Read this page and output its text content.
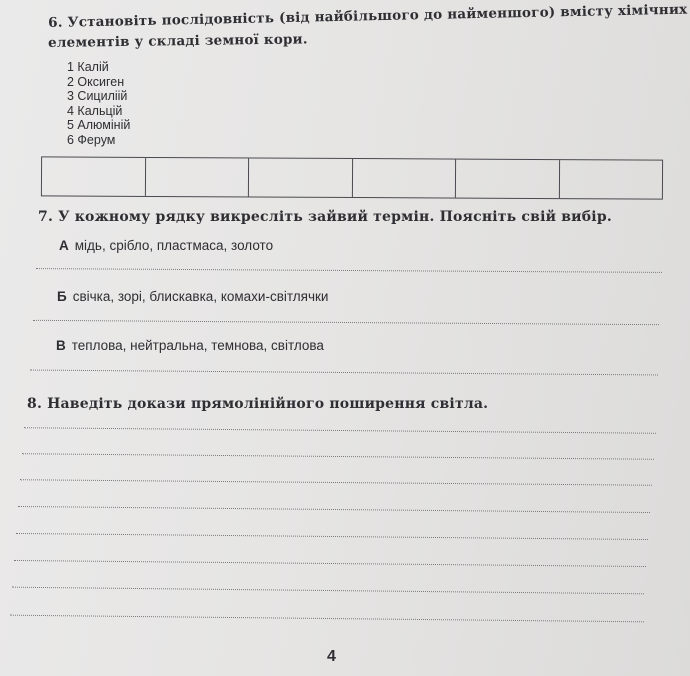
6. Установіть послідовність (від найбільшого до найменшого) вмісту хімічних
елементів у складі земної кори.
1 Калій
2 Оксиген
3 Сициліій
4 Кальцій
5 Алюміній
6 Ферум
7. У кожному рядку викресліть зайвий термін. Поясніть свій вибір.
А мідь, срібло, пластмаса, золото
Б свічка, зорі, блискавка, комахи-світлячки
В теплова, нейтральна, темнова, світлова
8. Наведіть докази прямолінійного поширення світла.
4
